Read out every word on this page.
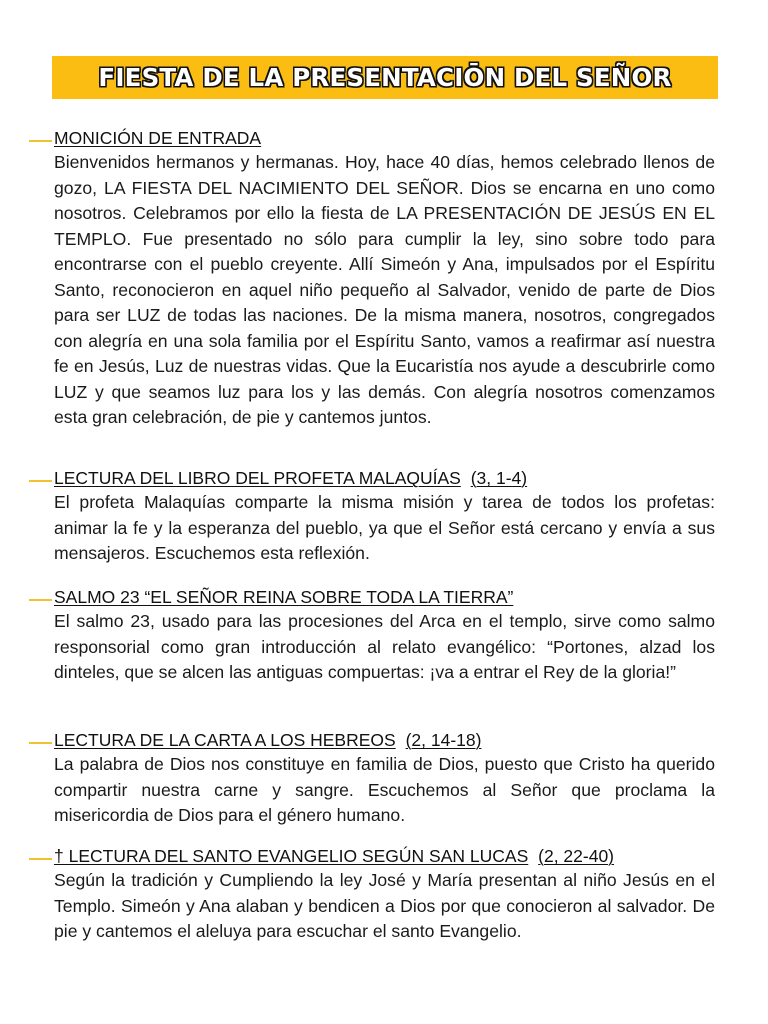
FIESTA DE LA PRESENTACIŌN DEL SEÑOR
MONICIÓN DE ENTRADA
Bienvenidos hermanos y hermanas. Hoy, hace 40 días, hemos celebrado llenos de gozo, LA FIESTA DEL NACIMIENTO DEL SEÑOR. Dios se encarna en uno como nosotros. Celebramos por ello la fiesta de LA PRESENTACIÓN DE JESÚS EN EL TEMPLO. Fue presentado no sólo para cumplir la ley, sino sobre todo para encontrarse con el pueblo creyente. Allí Simeón y Ana, impulsados por el Espíritu Santo, reconocieron en aquel niño pequeño al Salvador, venido de parte de Dios para ser LUZ de todas las naciones. De la misma manera, nosotros, congregados con alegría en una sola familia por el Espíritu Santo, vamos a reafirmar así nuestra fe en Jesús, Luz de nuestras vidas. Que la Eucaristía nos ayude a descubrirle como LUZ y que seamos luz para los y las demás. Con alegría nosotros comenzamos esta gran celebración, de pie y cantemos juntos.
LECTURA DEL LIBRO DEL PROFETA MALAQUÍAS (3, 1-4)
El profeta Malaquías comparte la misma misión y tarea de todos los profetas: animar la fe y la esperanza del pueblo, ya que el Señor está cercano y envía a sus mensajeros. Escuchemos esta reflexión.
SALMO 23 “EL SEÑOR REINA SOBRE TODA LA TIERRA”
El salmo 23, usado para las procesiones del Arca en el templo, sirve como salmo responsorial como gran introducción al relato evangélico: “Portones, alzad los dinteles, que se alcen las antiguas compuertas: ¡va a entrar el Rey de la gloria!”
LECTURA DE LA CARTA A LOS HEBREOS (2, 14-18)
La palabra de Dios nos constituye en familia de Dios, puesto que Cristo ha querido compartir nuestra carne y sangre. Escuchemos al Señor que proclama la misericordia de Dios para el género humano.
† LECTURA DEL SANTO EVANGELIO SEGÚN SAN LUCAS (2, 22-40)
Según la tradición y Cumpliendo la ley José y María presentan al niño Jesús en el Templo. Simeón y Ana alaban y bendicen a Dios por que conocieron al salvador. De pie y cantemos el aleluya para escuchar el santo Evangelio.
